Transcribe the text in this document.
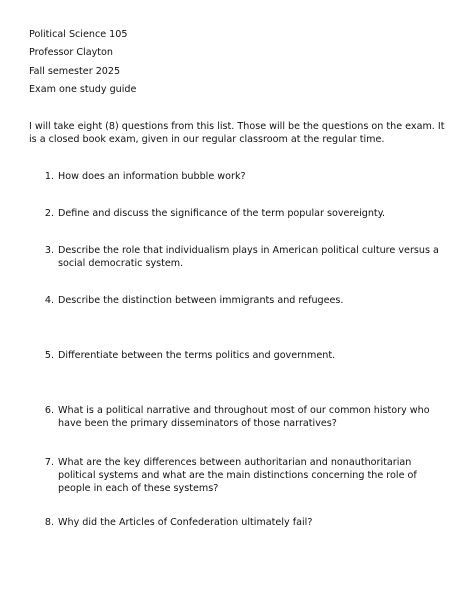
Political Science 105
Professor Clayton
Fall semester 2025
Exam one study guide
I will take eight (8) questions from this list. Those will be the questions on the exam. It is a closed book exam, given in our regular classroom at the regular time.
1. How does an information bubble work?
2. Define and discuss the significance of the term popular sovereignty.
3. Describe the role that individualism plays in American political culture versus a social democratic system.
4. Describe the distinction between immigrants and refugees.
5. Differentiate between the terms politics and government.
6. What is a political narrative and throughout most of our common history who have been the primary disseminators of those narratives?
7. What are the key differences between authoritarian and nonauthoritarian political systems and what are the main distinctions concerning the role of people in each of these systems?
8. Why did the Articles of Confederation ultimately fail?
